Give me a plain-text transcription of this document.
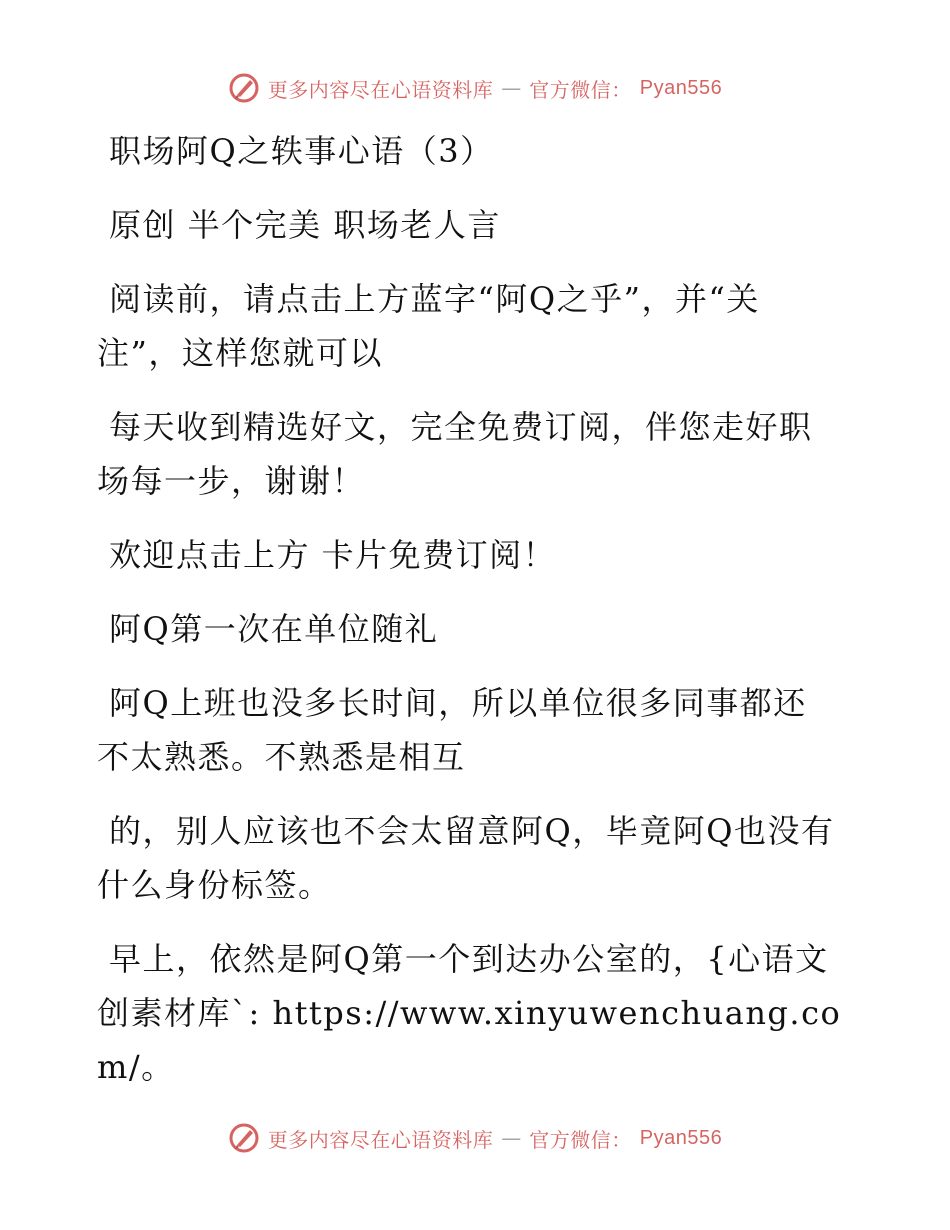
更多内容尽在心语资料库 — 官方微信： Pyan556

职场阿Q之轶事心语（3）

原创 半个完美 职场老人言

阅读前，请点击上方蓝字“阿Q之乎”，并“关
注”，这样您就可以

每天收到精选好文，完全免费订阅，伴您走好职
场每一步，谢谢！

欢迎点击上方 卡片免费订阅！

阿Q第一次在单位随礼

阿Q上班也没多长时间，所以单位很多同事都还
不太熟悉。不熟悉是相互

的，别人应该也不会太留意阿Q，毕竟阿Q也没有
什么身份标签。

早上，依然是阿Q第一个到达办公室的，{心语文
创素材库`: https://www.xinyuwenchuang.com/。

更多内容尽在心语资料库 — 官方微信： Pyan556
